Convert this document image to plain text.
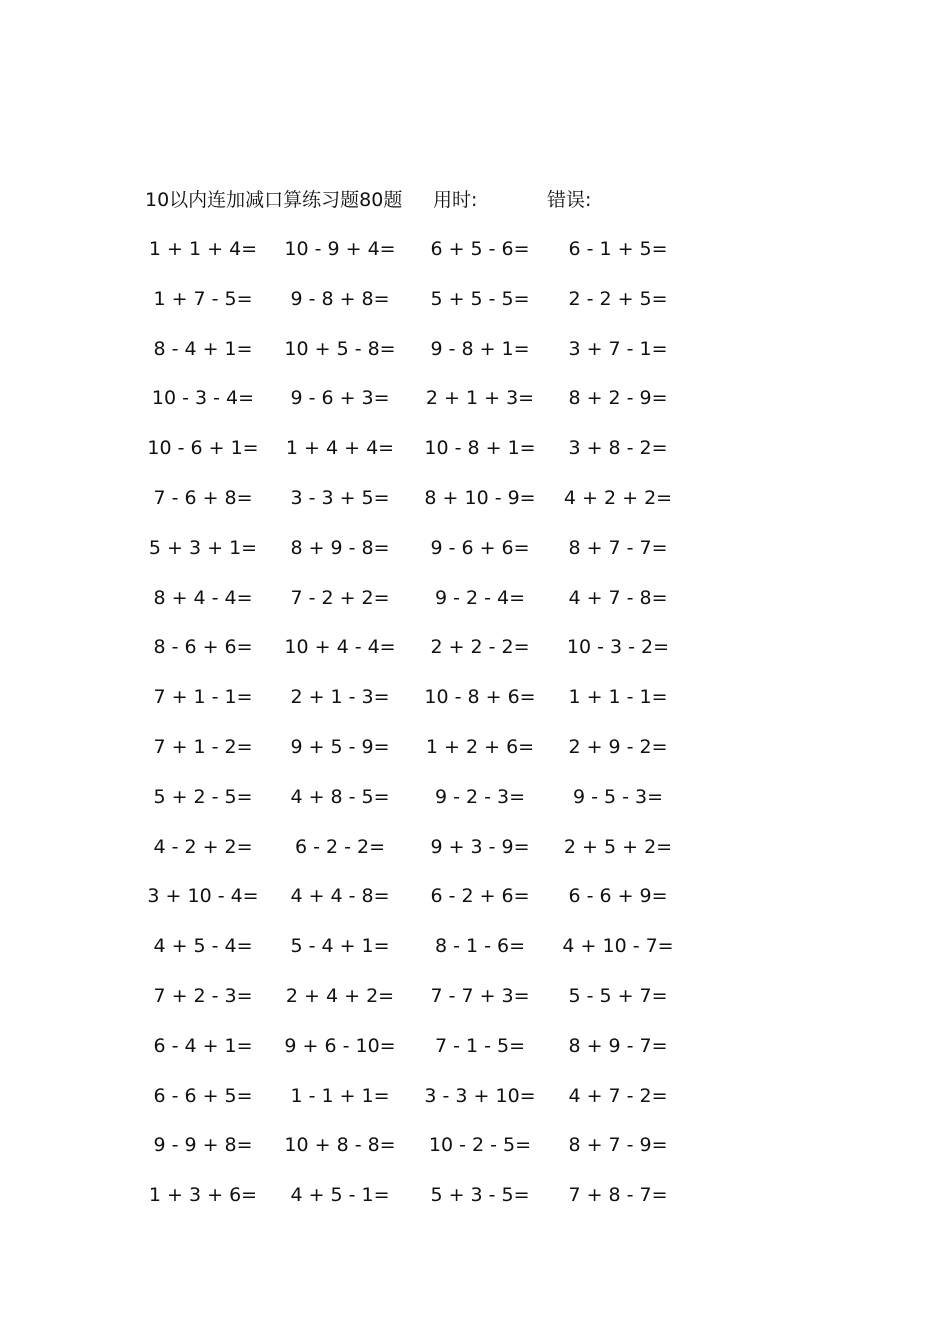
10以内连加减口算练习题80题 用时:	错误:
1 + 1 + 4= 10 - 9 + 4= 6 + 5 - 6= 6 - 1 + 5=
1 + 7 - 5= 9 - 8 + 8= 5 + 5 - 5= 2 - 2 + 5=
8 - 4 + 1= 10 + 5 - 8= 9 - 8 + 1= 3 + 7 - 1=
10 - 3 - 4= 9 - 6 + 3= 2 + 1 + 3= 8 + 2 - 9=
10 - 6 + 1= 1 + 4 + 4= 10 - 8 + 1= 3 + 8 - 2=
7 - 6 + 8= 3 - 3 + 5= 8 + 10 - 9= 4 + 2 + 2=
5 + 3 + 1= 8 + 9 - 8= 9 - 6 + 6= 8 + 7 - 7=
8 + 4 - 4= 7 - 2 + 2= 9 - 2 - 4= 4 + 7 - 8=
8 - 6 + 6= 10 + 4 - 4= 2 + 2 - 2= 10 - 3 - 2=
7 + 1 - 1= 2 + 1 - 3= 10 - 8 + 6= 1 + 1 - 1=
7 + 1 - 2= 9 + 5 - 9= 1 + 2 + 6= 2 + 9 - 2=
5 + 2 - 5= 4 + 8 - 5= 9 - 2 - 3=	9 - 5 - 3=
4 - 2 + 2= 6 - 2 - 2= 9 + 3 - 9= 2 + 5 + 2=
3 + 10 - 4= 4 + 4 - 8= 6 - 2 + 6= 6 - 6 + 9=
4 + 5 - 4= 5 - 4 + 1= 8 - 1 - 6= 4 + 10 - 7=
7 + 2 - 3= 2 + 4 + 2= 7 - 7 + 3= 5 - 5 + 7=
6 - 4 + 1= 9 + 6 - 10= 7 - 1 - 5= 8 + 9 - 7=
6 - 6 + 5= 1 - 1 + 1= 3 - 3 + 10= 4 + 7 - 2=
9 - 9 + 8= 10 + 8 - 8= 10 - 2 - 5= 8 + 7 - 9=
1 + 3 + 6= 4 + 5 - 1= 5 + 3 - 5= 7 + 8 - 7=
